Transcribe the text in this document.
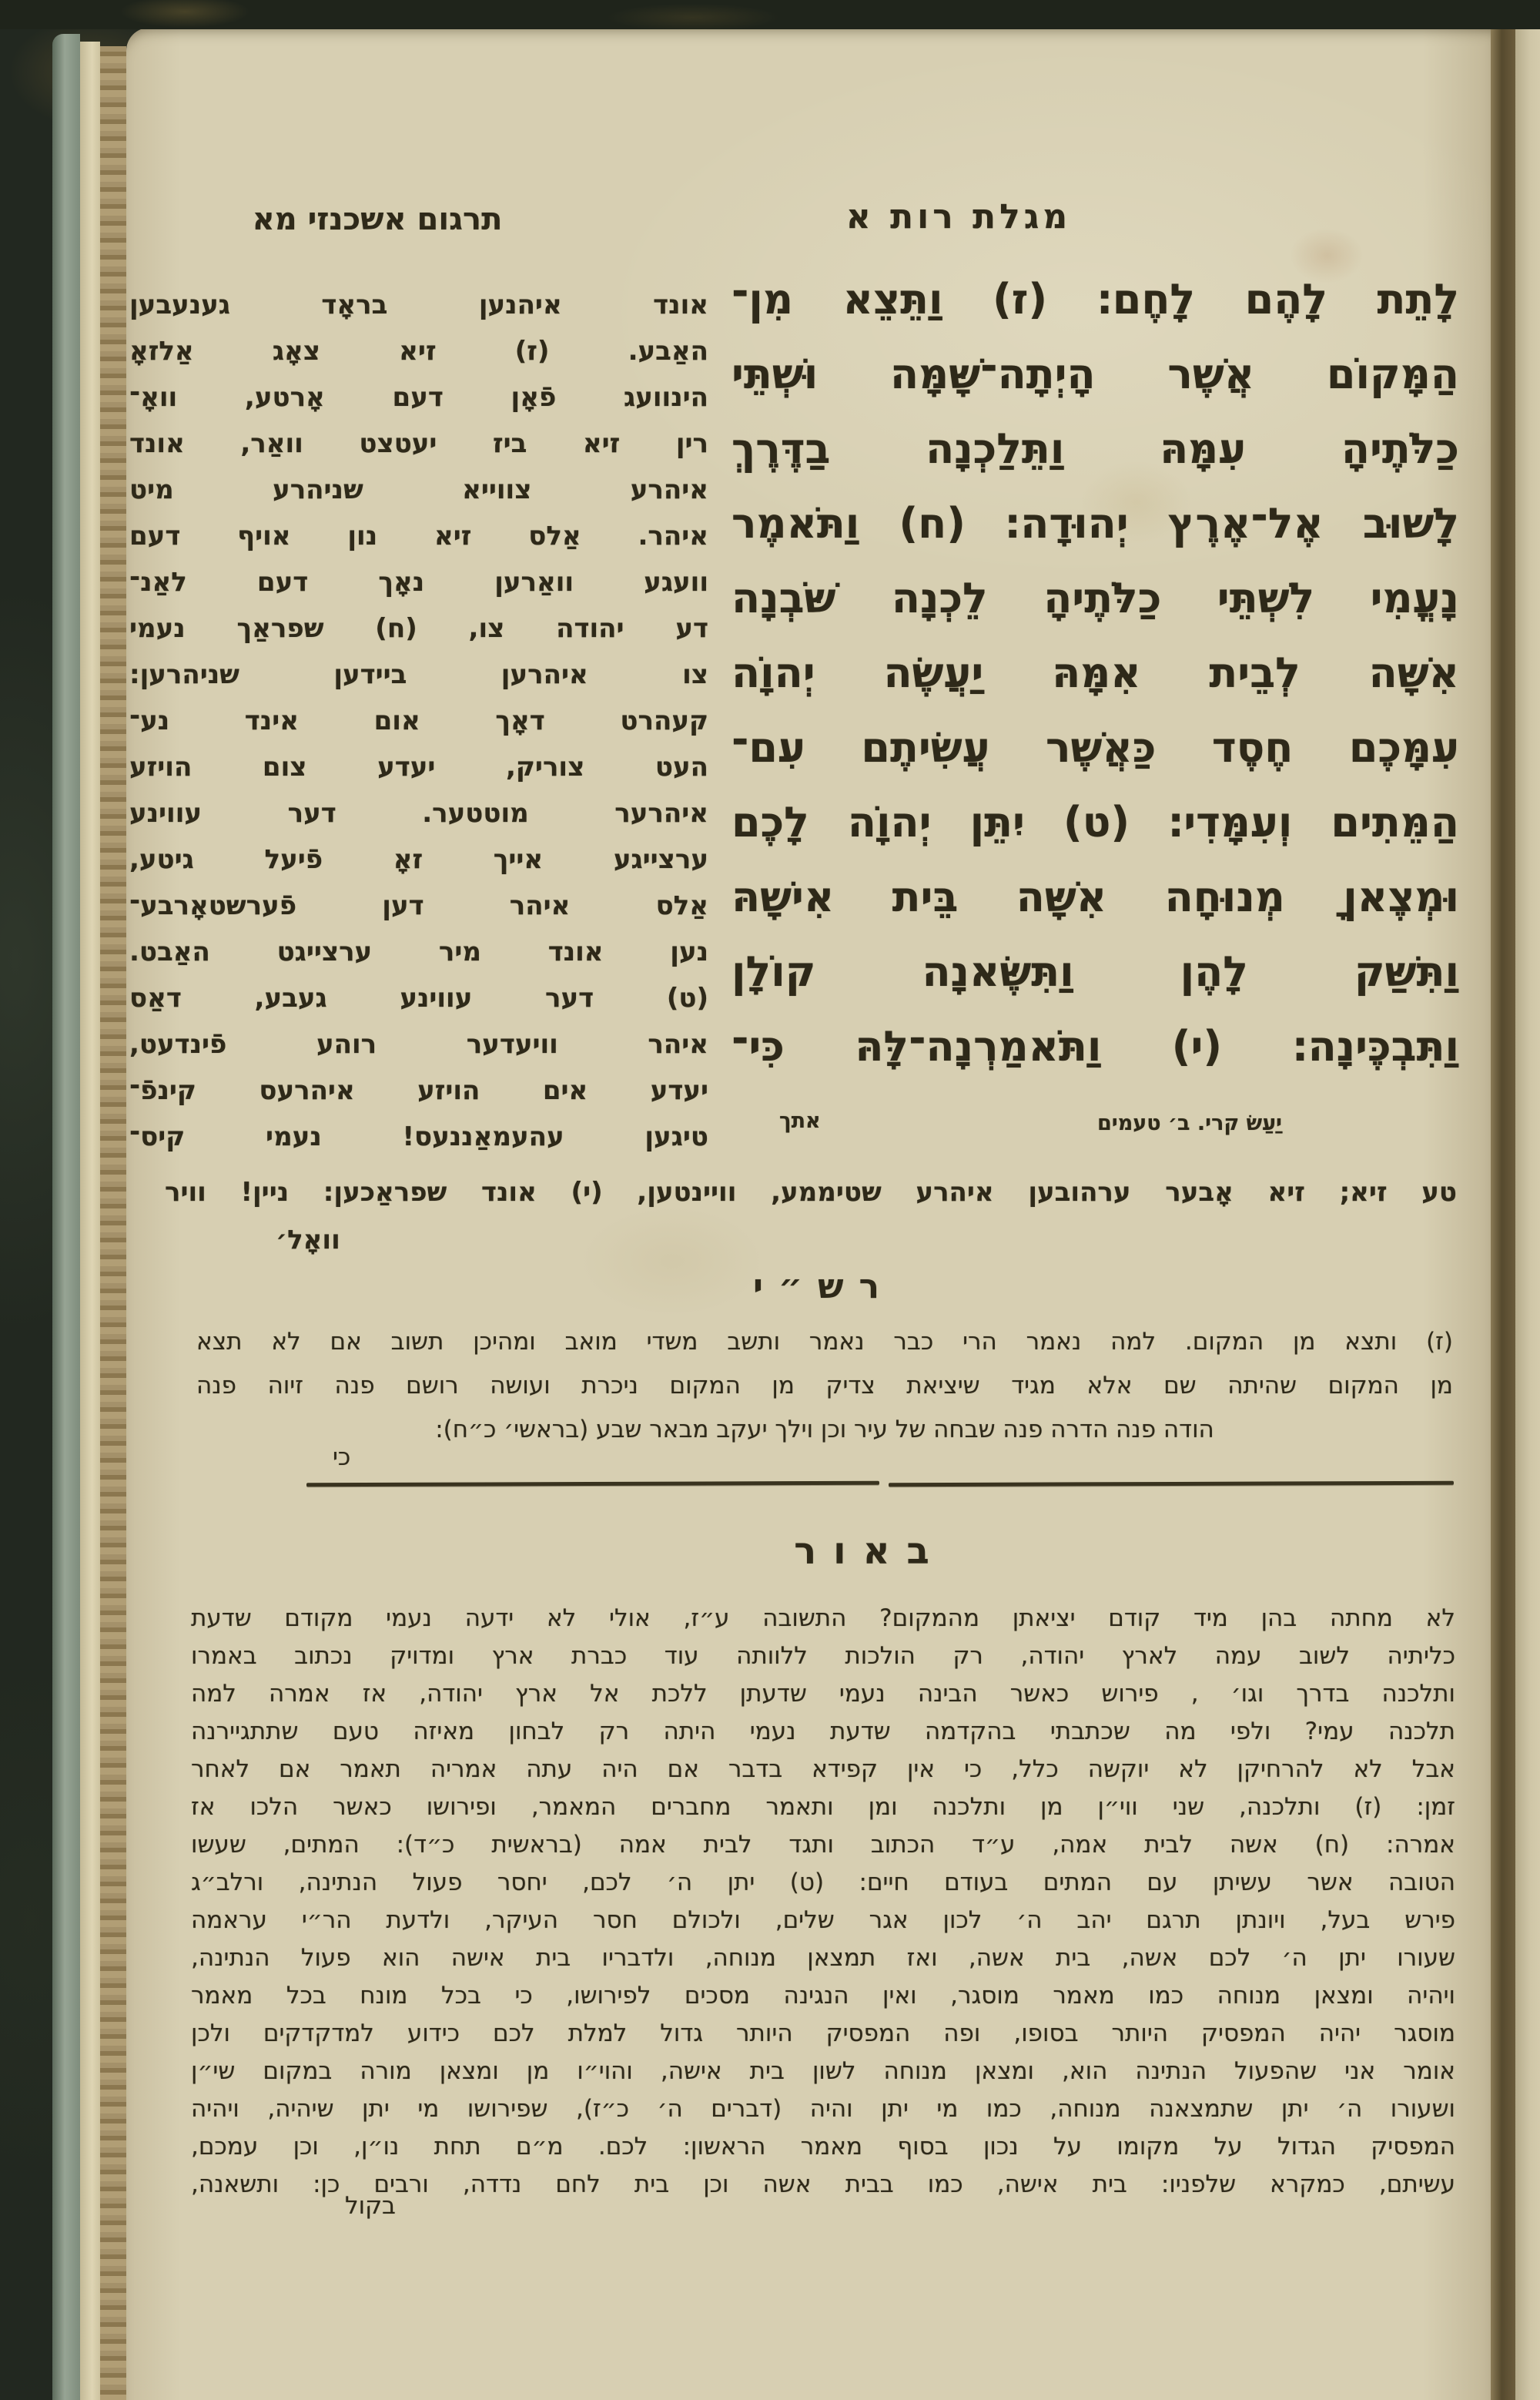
תרגום אשכנזי מא	מגלת רות א
לָתֵת לָהֶם לָחֶם׃ (ז) וַתֵּצֵא מִן־
הַמָּקוֹם אֲשֶׁר הָיְתָה־שָּׁמָּה וּשְׁתֵּי
כַלֹּתֶיהָ עִמָּהּ וַתֵּלַכְנָה בַדֶּרֶךְ
לָשׁוּב אֶל־אֶרֶץ יְהוּדָה׃ (ח) וַתֹּאמֶר
נָעֳמִי לִשְׁתֵּי כַלֹּתֶיהָ לֵכְנָה שֹּׁבְנָה
אִשָּׁה לְבֵית אִמָּהּ יַעֲשֶׂה יְהוָֹה
עִמָּכֶם חֶסֶד כַּאֲשֶׁר עֲשִׂיתֶם עִם־
הַמֵּתִים וְעִמָּדִי׃ (ט) יִתֵּן יְהוָֹה לָכֶם
וּמְצֶאןָ מְנוּחָה אִשָּׁה בֵּית אִישָׁהּ
וַתִּשַּׁק לָהֶן וַתִּשֶּׂאנָה קוֹלָן
וַתִּבְכֶּינָה׃ (י) וַתֹּאמַרְנָה־לָּהּ כִּי־
יַעַשׂ קרי. ב׳ טעמים
אתך
אונד איהנען בראָד גענעבען
האַבע. (ז) זיא צאָג אַלזאָ
הינוועג פֿאָן דעם אָרטע, וואָ־
רין זיא ביז יעטצט וואַר, אונד
איהרע צווייא שניהרע מיט
איהר. אַלס זיא נון אויף דעם
וועגע וואַרען נאָך דעם לאַנ־
דע יהודה צו, (ח) שפראַך נעמי
צו איהרען ביידען שניהרען:
קעהרט דאָך אום אינד נע־
העט צוריק, יעדע צום הויזע
איהרער מוטטער. דער עווינע
ערצייגע אייך זאָ פֿיעל גיטע,
אַלס איהר דען פֿערשטאָרבע־
נען אונד מיר ערצייגט האַבט.
(ט) דער עווינע געבע, דאַס
איהר וויעדער רוהע פֿינדעט,
יעדע אים הויזע איהרעס קינפֿ־
טיגען עהעמאַננעס! נעמי קיס־
טע זיא; זיא אָבער ערהובען איהרע שטיממע, וויינטען, (י) אונד שפראַכען: ניין! וויר
וואָל׳
רש״י
(ז) ותצא מן המקום. למה נאמר הרי כבר נאמר ותשב משדי מואב ומהיכן תשוב אם לא תצא
מן המקום שהיתה שם אלא מגיד שיציאת צדיק מן המקום ניכרת ועושה רושם פנה זיוה פנה
הודה פנה הדרה פנה שבחה של עיר וכן וילך יעקב מבאר שבע (בראשי׳ כ״ח):
כי
באור
לא מחתה בהן מיד קודם יציאתן מהמקום? התשובה ע״ז, אולי לא ידעה נעמי מקודם שדעת
כליתיה לשוב עמה לארץ יהודה, רק הולכות ללוותה עוד כברת ארץ ומדויק נכתוב באמרו
ותלכנה בדרך וגו׳ , פירוש כאשר הבינה נעמי שדעתן ללכת אל ארץ יהודה, אז אמרה למה
תלכנה עמי? ולפי מה שכתבתי בהקדמה שדעת נעמי היתה רק לבחון מאיזה טעם שתתגיירנה
אבל לא להרחיקן לא יוקשה כלל, כי אין קפידא בדבר אם היה עתה אמריה תאמר אם לאחר
זמן: (ז) ותלכנה, שני ווי״ן מן ותלכנה ומן ותאמר מחברים המאמר, ופירושו כאשר הלכו אז
אמרה: (ח) אשה לבית אמה, ע״ד הכתוב ותגד לבית אמה (בראשית כ״ד): המתים, שעשו
הטובה אשר עשיתן עם המתים בעודם חיים: (ט) יתן ה׳ לכם, יחסר פעול הנתינה, ורלב״ג
פירש בעל, ויונתן תרגם יהב ה׳ לכון אגר שלים, ולכולם חסר העיקר, ולדעת הר״י עראמה
שעורו יתן ה׳ לכם אשה, בית אשה, ואז תמצאן מנוחה, ולדבריו בית אישה הוא פעול הנתינה,
ויהיה ומצאן מנוחה כמו מאמר מוסגר, ואין הנגינה מסכים לפירושו, כי בכל מונח בכל מאמר
מוסגר יהיה המפסיק היותר בסופו, ופה המפסיק היותר גדול למלת לכם כידוע למדקדקים ולכן
אומר אני שהפעול הנתינה הוא, ומצאן מנוחה לשון בית אישה, והוי״ו מן ומצאן מורה במקום שי״ן
ושעורו ה׳ יתן שתמצאנה מנוחה, כמו מי יתן והיה (דברים ה׳ כ״ז), שפירושו מי יתן שיהיה, ויהיה
המפסיק הגדול על מקומו על נכון בסוף מאמר הראשון: לכם. מ״ם תחת נו״ן, וכן עמכם,
עשיתם, כמקרא שלפניו: בית אישה, כמו בבית אשה וכן בית לחם נדדה, ורבים כן: ותשאנה,
בקול
